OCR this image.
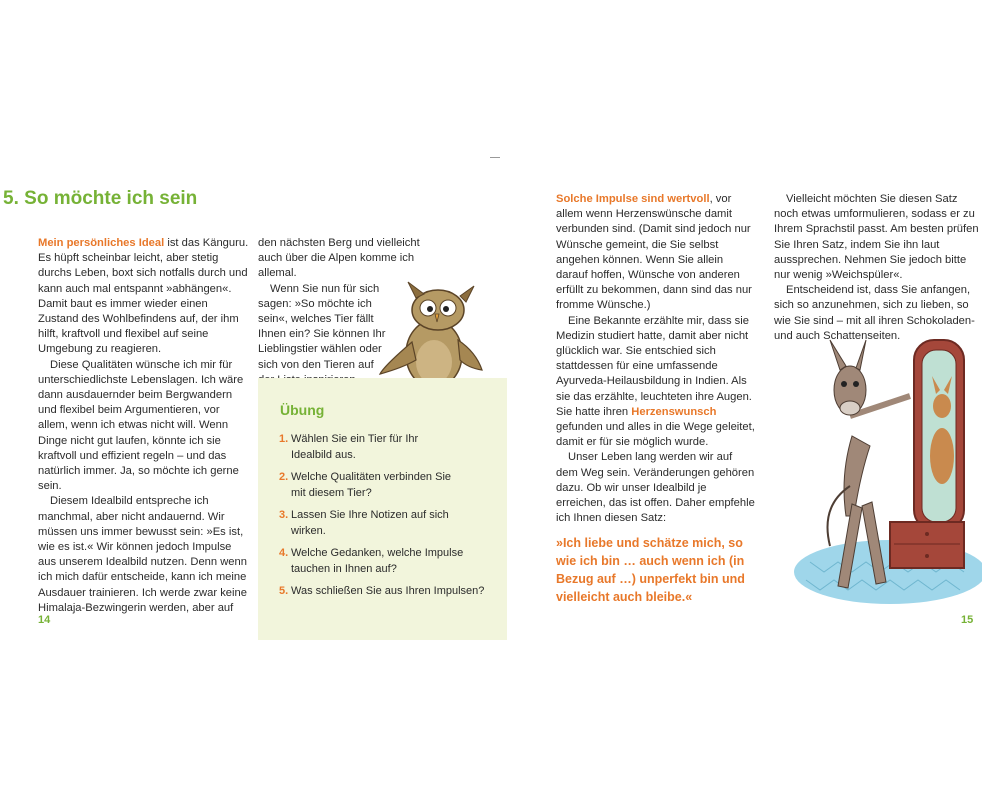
5. So möchte ich sein

Mein persönliches Ideal ist das Känguru. Es hüpft scheinbar leicht, aber stetig durchs Leben, boxt sich notfalls durch und kann auch mal entspannt »abhängen«. Damit baut es immer wieder einen Zustand des Wohlbefindens auf, der ihm hilft, kraftvoll und flexibel auf seine Umgebung zu reagieren.

Diese Qualitäten wünsche ich mir für unterschiedlichste Lebenslagen. Ich wäre dann ausdauernder beim Bergwandern und flexibel beim Argumentieren, vor allem, wenn ich etwas nicht will. Wenn Dinge nicht gut laufen, könnte ich sie kraftvoll und effizient regeln – und das natürlich immer. Ja, so möchte ich gerne sein.

Diesem Idealbild entspreche ich manchmal, aber nicht andauernd. Wir müssen uns immer bewusst sein: »Es ist, wie es ist.« Wir können jedoch Impulse aus unserem Idealbild nutzen. Denn wenn ich mich dafür entscheide, kann ich meine Ausdauer trainieren. Ich werde zwar keine Himalaja-Bezwingerin werden, aber auf

den nächsten Berg und vielleicht auch über die Alpen komme ich allemal.

Wenn Sie nun für sich sagen: »So möchte ich sein«, welches Tier fällt Ihnen ein? Sie können Ihr Lieblingstier wählen oder sich von den Tieren auf

Übung
1. Wählen Sie ein Tier für Ihr Idealbild aus.
2. Welche Qualitäten verbinden Sie mit diesem Tier?
3. Lassen Sie Ihre Notizen auf sich wirken.
4. Welche Gedanken, welche Impulse tauchen in Ihnen auf?
5. Was schließen Sie aus Ihren Impulsen?
14

Solche Impulse sind wertvoll, vor allem wenn Herzenswünsche damit verbunden sind. (Damit sind jedoch nur Wünsche gemeint, die Sie selbst angehen können. Wenn Sie allein darauf hoffen, Wünsche von anderen erfüllt zu bekommen, dann sind das nur fromme Wünsche.)

Eine Bekannte erzählte mir, dass sie Medizin studiert hatte, damit aber nicht glücklich war. Sie entschied sich stattdessen für eine umfassende Ayurveda-Heilausbildung in Indien. Als sie das erzählte, leuchteten ihre Augen. Sie hatte ihren Herzenswunsch gefunden und alles in die Wege geleitet, damit er für sie möglich wurde.

Unser Leben lang werden wir auf dem Weg sein. Veränderungen gehören dazu. Ob wir unser Idealbild je erreichen, das ist offen. Daher empfehle ich Ihnen diesen Satz:

»Ich liebe und schätze mich, so wie ich bin … auch wenn ich (in Bezug auf …) unperfekt bin und vielleicht auch bleibe.«

Vielleicht möchten Sie diesen Satz noch etwas umformulieren, sodass er zu Ihrem Sprachstil passt. Am besten prüfen Sie Ihren Satz, indem Sie ihn laut aussprechen. Nehmen Sie jedoch bitte nur wenig »Weichspüler«.

Entscheidend ist, dass Sie anfangen, sich so anzunehmen, sich zu lieben, so wie Sie sind – mit all ihren Schokoladen- und auch Schattenseiten.

15
